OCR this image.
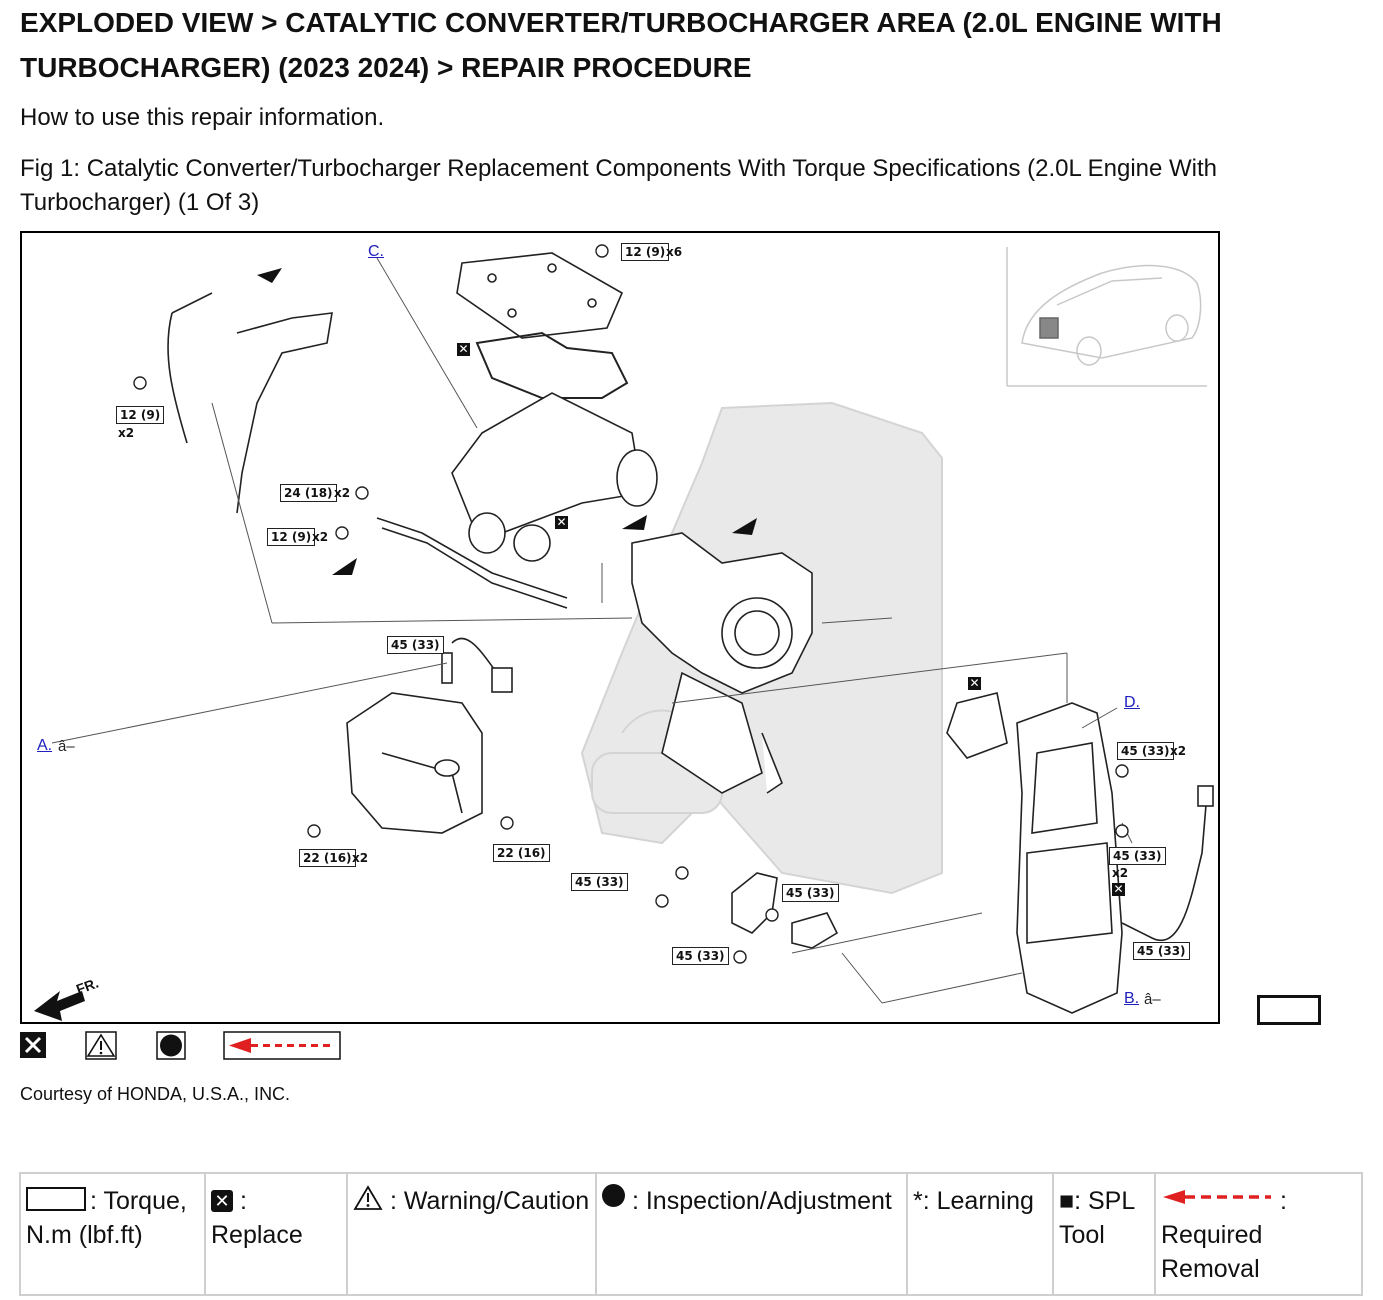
EXPLODED VIEW > CATALYTIC CONVERTER/TURBOCHARGER AREA (2.0L ENGINE WITH TURBOCHARGER) (2023 2024) > REPAIR PROCEDURE
How to use this repair information.
Fig 1: Catalytic Converter/Turbocharger Replacement Components With Torque Specifications (2.0L Engine With Turbocharger) (1 Of 3)
12 (9) x6
12 (9)
x2
24 (18) x2
12 (9) x2
45 (33)
45 (33) x2
22 (16) x2	22 (16)
45 (33)
45 (33)
45 (33)
45 (33)
x2
45 (33)
✕
✕
✕
✕
C.
A. â–
D.
B. â–
FR.
Courtesy of HONDA, U.S.A., INC.
: Torque, N.m (lbf.ft)	✕ : Replace	: Warning/Caution	: Inspection/Adjustment	*: Learning	■: SPL Tool	: Required Removal
